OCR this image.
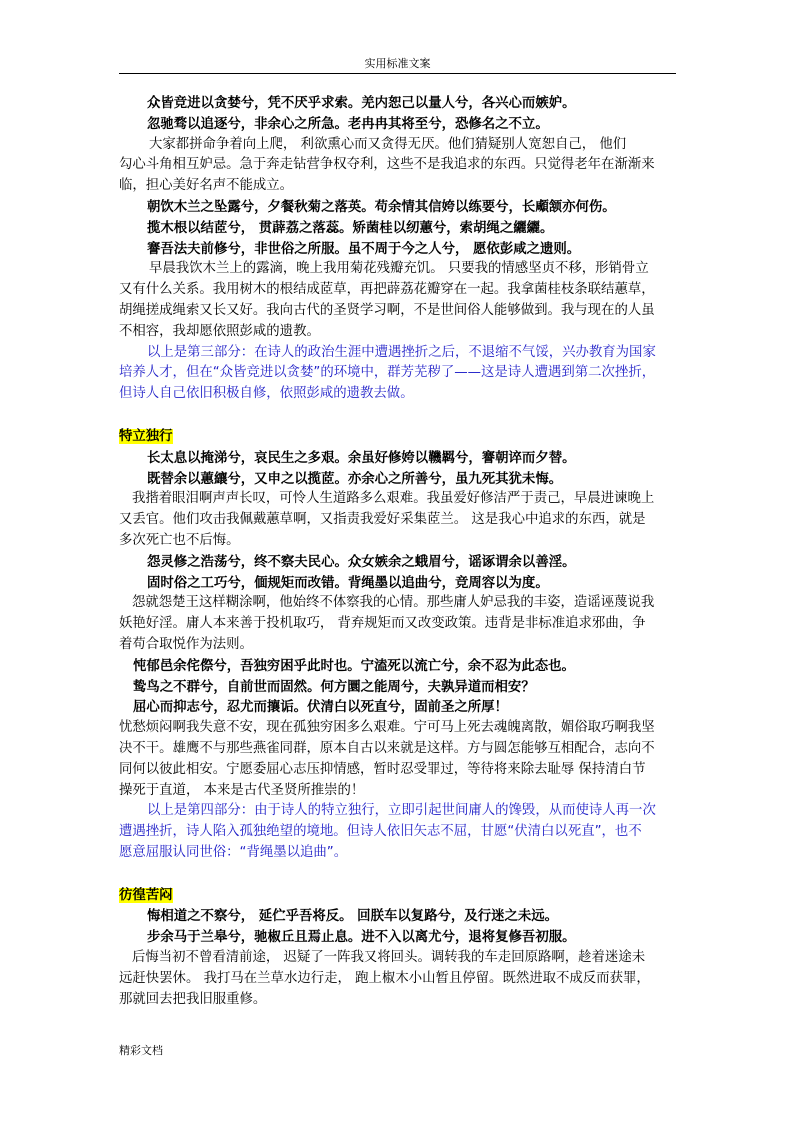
实用标准文案

众皆竞进以贪婪兮，凭不厌乎求索。羌内恕己以量人兮，各兴心而嫉妒。

忽驰骛以追逐兮，非余心之所急。老冉冉其将至兮，恐修名之不立。

大家都拼命争着向上爬， 利欲熏心而又贪得无厌。他们猜疑别人宽恕自己， 他们

勾心斗角相互妒忌。急于奔走钻营争权夺利，这些不是我追求的东西。只觉得老年在渐渐来

临，担心美好名声不能成立。

朝饮木兰之坠露兮，夕餐秋菊之落英。苟余情其信姱以练要兮，长顑颔亦何伤。

揽木根以结茝兮， 贯薜荔之落蕊。矫菌桂以纫蕙兮，索胡绳之纚纚。

謇吾法夫前修兮，非世俗之所服。虽不周于今之人兮， 愿依彭咸之遗则。

早晨我饮木兰上的露滴，晚上我用菊花残瓣充饥。 只要我的情感坚贞不移，形销骨立

又有什么关系。我用树木的根结成茝草，再把薜荔花瓣穿在一起。我拿菌桂枝条联结蕙草，

胡绳搓成绳索又长又好。我向古代的圣贤学习啊，不是世间俗人能够做到。我与现在的人虽

不相容，我却愿依照彭咸的遗教。

以上是第三部分：在诗人的政治生涯中遭遇挫折之后，不退缩不气馁，兴办教育为国家

培养人才，但在“众皆竞进以贪婪”的环境中，群芳芜秽了——这是诗人遭遇到第二次挫折，

但诗人自己依旧积极自修，依照彭咸的遗教去做。

特立独行

长太息以掩涕兮，哀民生之多艰。余虽好修姱以鞿羁兮，謇朝谇而夕替。

既替余以蕙纕兮，又申之以揽茝。亦余心之所善兮，虽九死其犹未悔。

我揩着眼泪啊声声长叹，可怜人生道路多么艰难。我虽爱好修洁严于责己，早晨进谏晚上

又丢官。他们攻击我佩戴蕙草啊，又指责我爱好采集茝兰。 这是我心中追求的东西，就是

多次死亡也不后悔。

怨灵修之浩荡兮，终不察夫民心。众女嫉余之蛾眉兮，谣诼谓余以善淫。

固时俗之工巧兮，偭规矩而改错。背绳墨以追曲兮，竞周容以为度。

怨就怨楚王这样糊涂啊，他始终不体察我的心情。那些庸人妒忌我的丰姿，造谣诬蔑说我

妖艳好淫。庸人本来善于投机取巧， 背弃规矩而又改变政策。违背是非标准追求邪曲，争

着苟合取悦作为法则。

忳郁邑余侘傺兮，吾独穷困乎此时也。宁溘死以流亡兮，余不忍为此态也。

鸷鸟之不群兮，自前世而固然。何方圜之能周兮，夫孰异道而相安？

屈心而抑志兮，忍尤而攘诟。伏清白以死直兮，固前圣之所厚！

忧愁烦闷啊我失意不安，现在孤独穷困多么艰难。宁可马上死去魂魄离散，媚俗取巧啊我坚

决不干。雄鹰不与那些燕雀同群，原本自古以来就是这样。方与圆怎能够互相配合，志向不

同何以彼此相安。宁愿委屈心志压抑情感，暂时忍受罪过，等待将来除去耻辱 保持清白节

操死于直道， 本来是古代圣贤所推崇的！

以上是第四部分：由于诗人的特立独行，立即引起世间庸人的馋毁，从而使诗人再一次

遭遇挫折，诗人陷入孤独绝望的境地。但诗人依旧矢志不屈，甘愿“伏清白以死直”，也不

愿意屈服认同世俗：“背绳墨以追曲”。

彷徨苦闷

悔相道之不察兮， 延伫乎吾将反。 回朕车以复路兮，及行迷之未远。

步余马于兰皋兮，驰椒丘且焉止息。进不入以离尤兮，退将复修吾初服。

后悔当初不曾看清前途， 迟疑了一阵我又将回头。调转我的车走回原路啊，趁着迷途未

远赶快罢休。 我打马在兰草水边行走， 跑上椒木小山暂且停留。既然进取不成反而获罪，

那就回去把我旧服重修。

精彩文档
